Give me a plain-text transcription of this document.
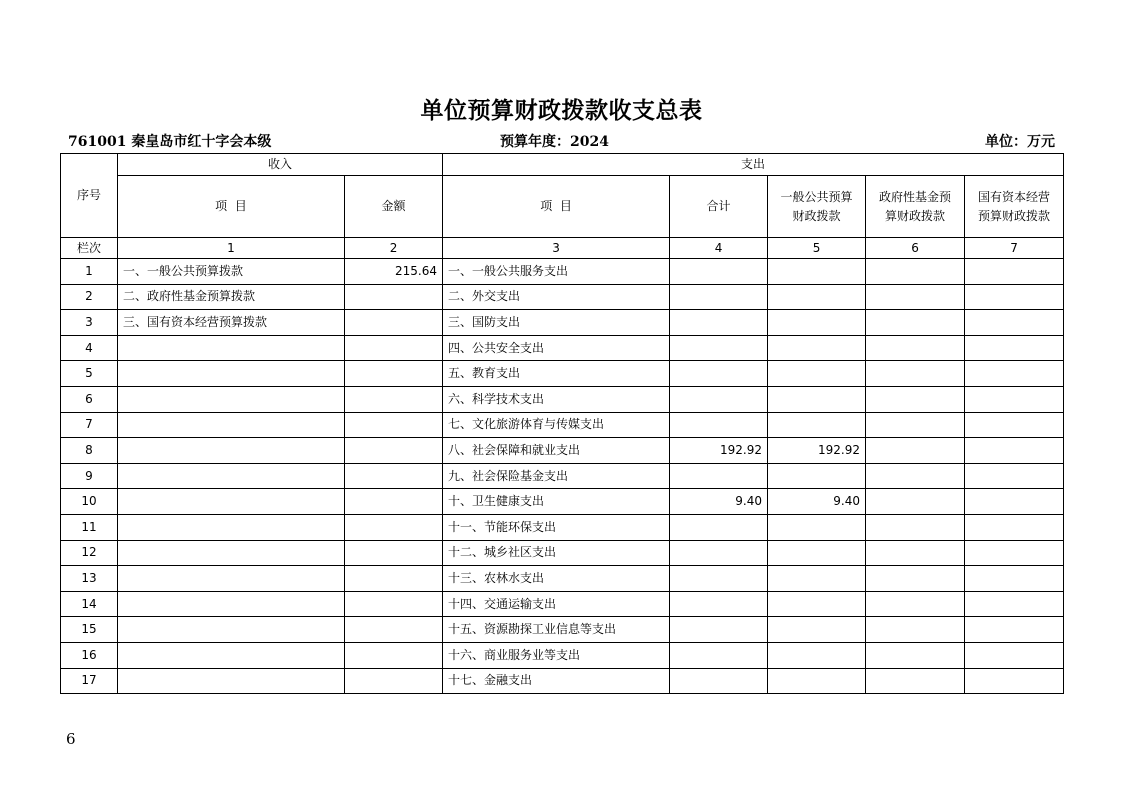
单位预算财政拨款收支总表
761001 秦皇岛市红十字会本级	预算年度：2024	单位：万元
序号	收入		支出				
	项  目	金额	项  目	合计	一般公共预算财政拨款	政府性基金预算财政拨款	国有资本经营预算财政拨款
栏次	1	2	3	4	5	6	7
1	一、一般公共预算拨款	215.64	一、一般公共服务支出				
2	二、政府性基金预算拨款		二、外交支出				
3	三、国有资本经营预算拨款		三、国防支出				
4			四、公共安全支出				
5			五、教育支出				
6			六、科学技术支出				
7			七、文化旅游体育与传媒支出				
8			八、社会保障和就业支出	192.92	192.92		
9			九、社会保险基金支出				
10			十、卫生健康支出	9.40	9.40		
11			十一、节能环保支出				
12			十二、城乡社区支出				
13			十三、农林水支出				
14			十四、交通运输支出				
15			十五、资源勘探工业信息等支出				
16			十六、商业服务业等支出				
17			十七、金融支出				
6
